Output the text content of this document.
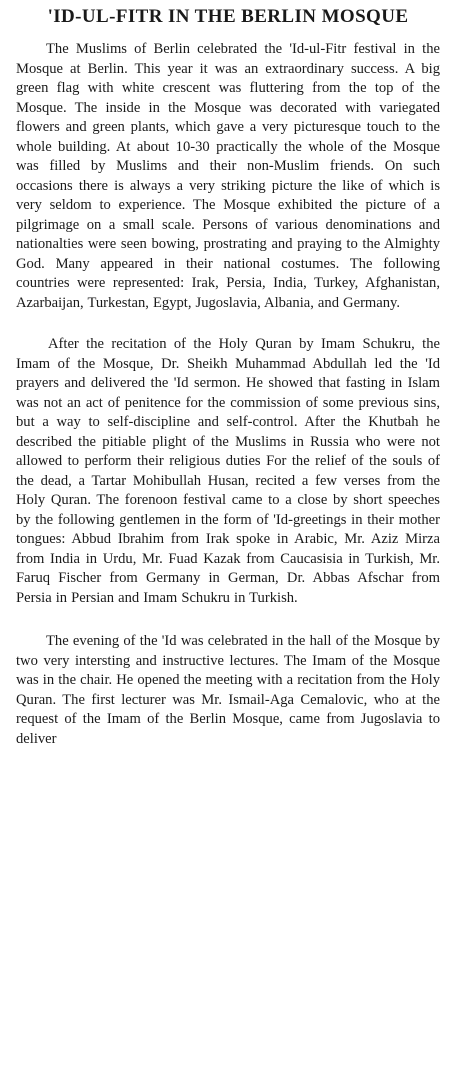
'ID-UL-FITR IN THE BERLIN MOSQUE

The Muslims of Berlin celebrated the 'Id-ul-Fitr festival in the Mosque at Berlin. This year it was an extraordinary success. A big green flag with white crescent was fluttering from the top of the Mosque. The inside in the Mosque was decorated with variegated flowers and green plants, which gave a very picturesque touch to the whole building. At about 10-30 practically the whole of the Mosque was filled by Muslims and their non-Muslim friends. On such occasions there is always a very striking picture the like of which is very seldom to experience. The Mosque exhibited the picture of a pilgrimage on a small scale. Persons of various denominations and nationalties were seen bowing, prostrating and praying to the Almighty God. Many appeared in their national costumes. The following countries were represented: Irak, Persia, India, Turkey, Afghanistan, Azarbaijan, Turkestan, Egypt, Jugoslavia, Albania, and Germany.

After the recitation of the Holy Quran by Imam Schukru, the Imam of the Mosque, Dr. Sheikh Muhammad Abdullah led the 'Id prayers and delivered the 'Id sermon. He showed that fasting in Islam was not an act of penitence for the commission of some previous sins, but a way to self-discipline and self-control. After the Khutbah he described the pitiable plight of the Muslims in Russia who were not allowed to perform their religious duties For the relief of the souls of the dead, a Tartar Mohibullah Husan, recited a few verses from the Holy Quran. The forenoon festival came to a close by short speeches by the following gentlemen in the form of 'Id-greetings in their mother tongues: Abbud Ibrahim from Irak spoke in Arabic, Mr. Aziz Mirza from India in Urdu, Mr. Fuad Kazak from Caucasisia in Turkish, Mr. Faruq Fischer from Germany in German, Dr. Abbas Afschar from Persia in Persian and Imam Schukru in Turkish.

The evening of the 'Id was celebrated in the hall of the Mosque by two very intersting and instructive lectures. The Imam of the Mosque was in the chair. He opened the meeting with a recitation from the Holy Quran. The first lecturer was Mr. Ismail-Aga Cemalovic, who at the request of the Imam of the Berlin Mosque, came from Jugoslavia to deliver
